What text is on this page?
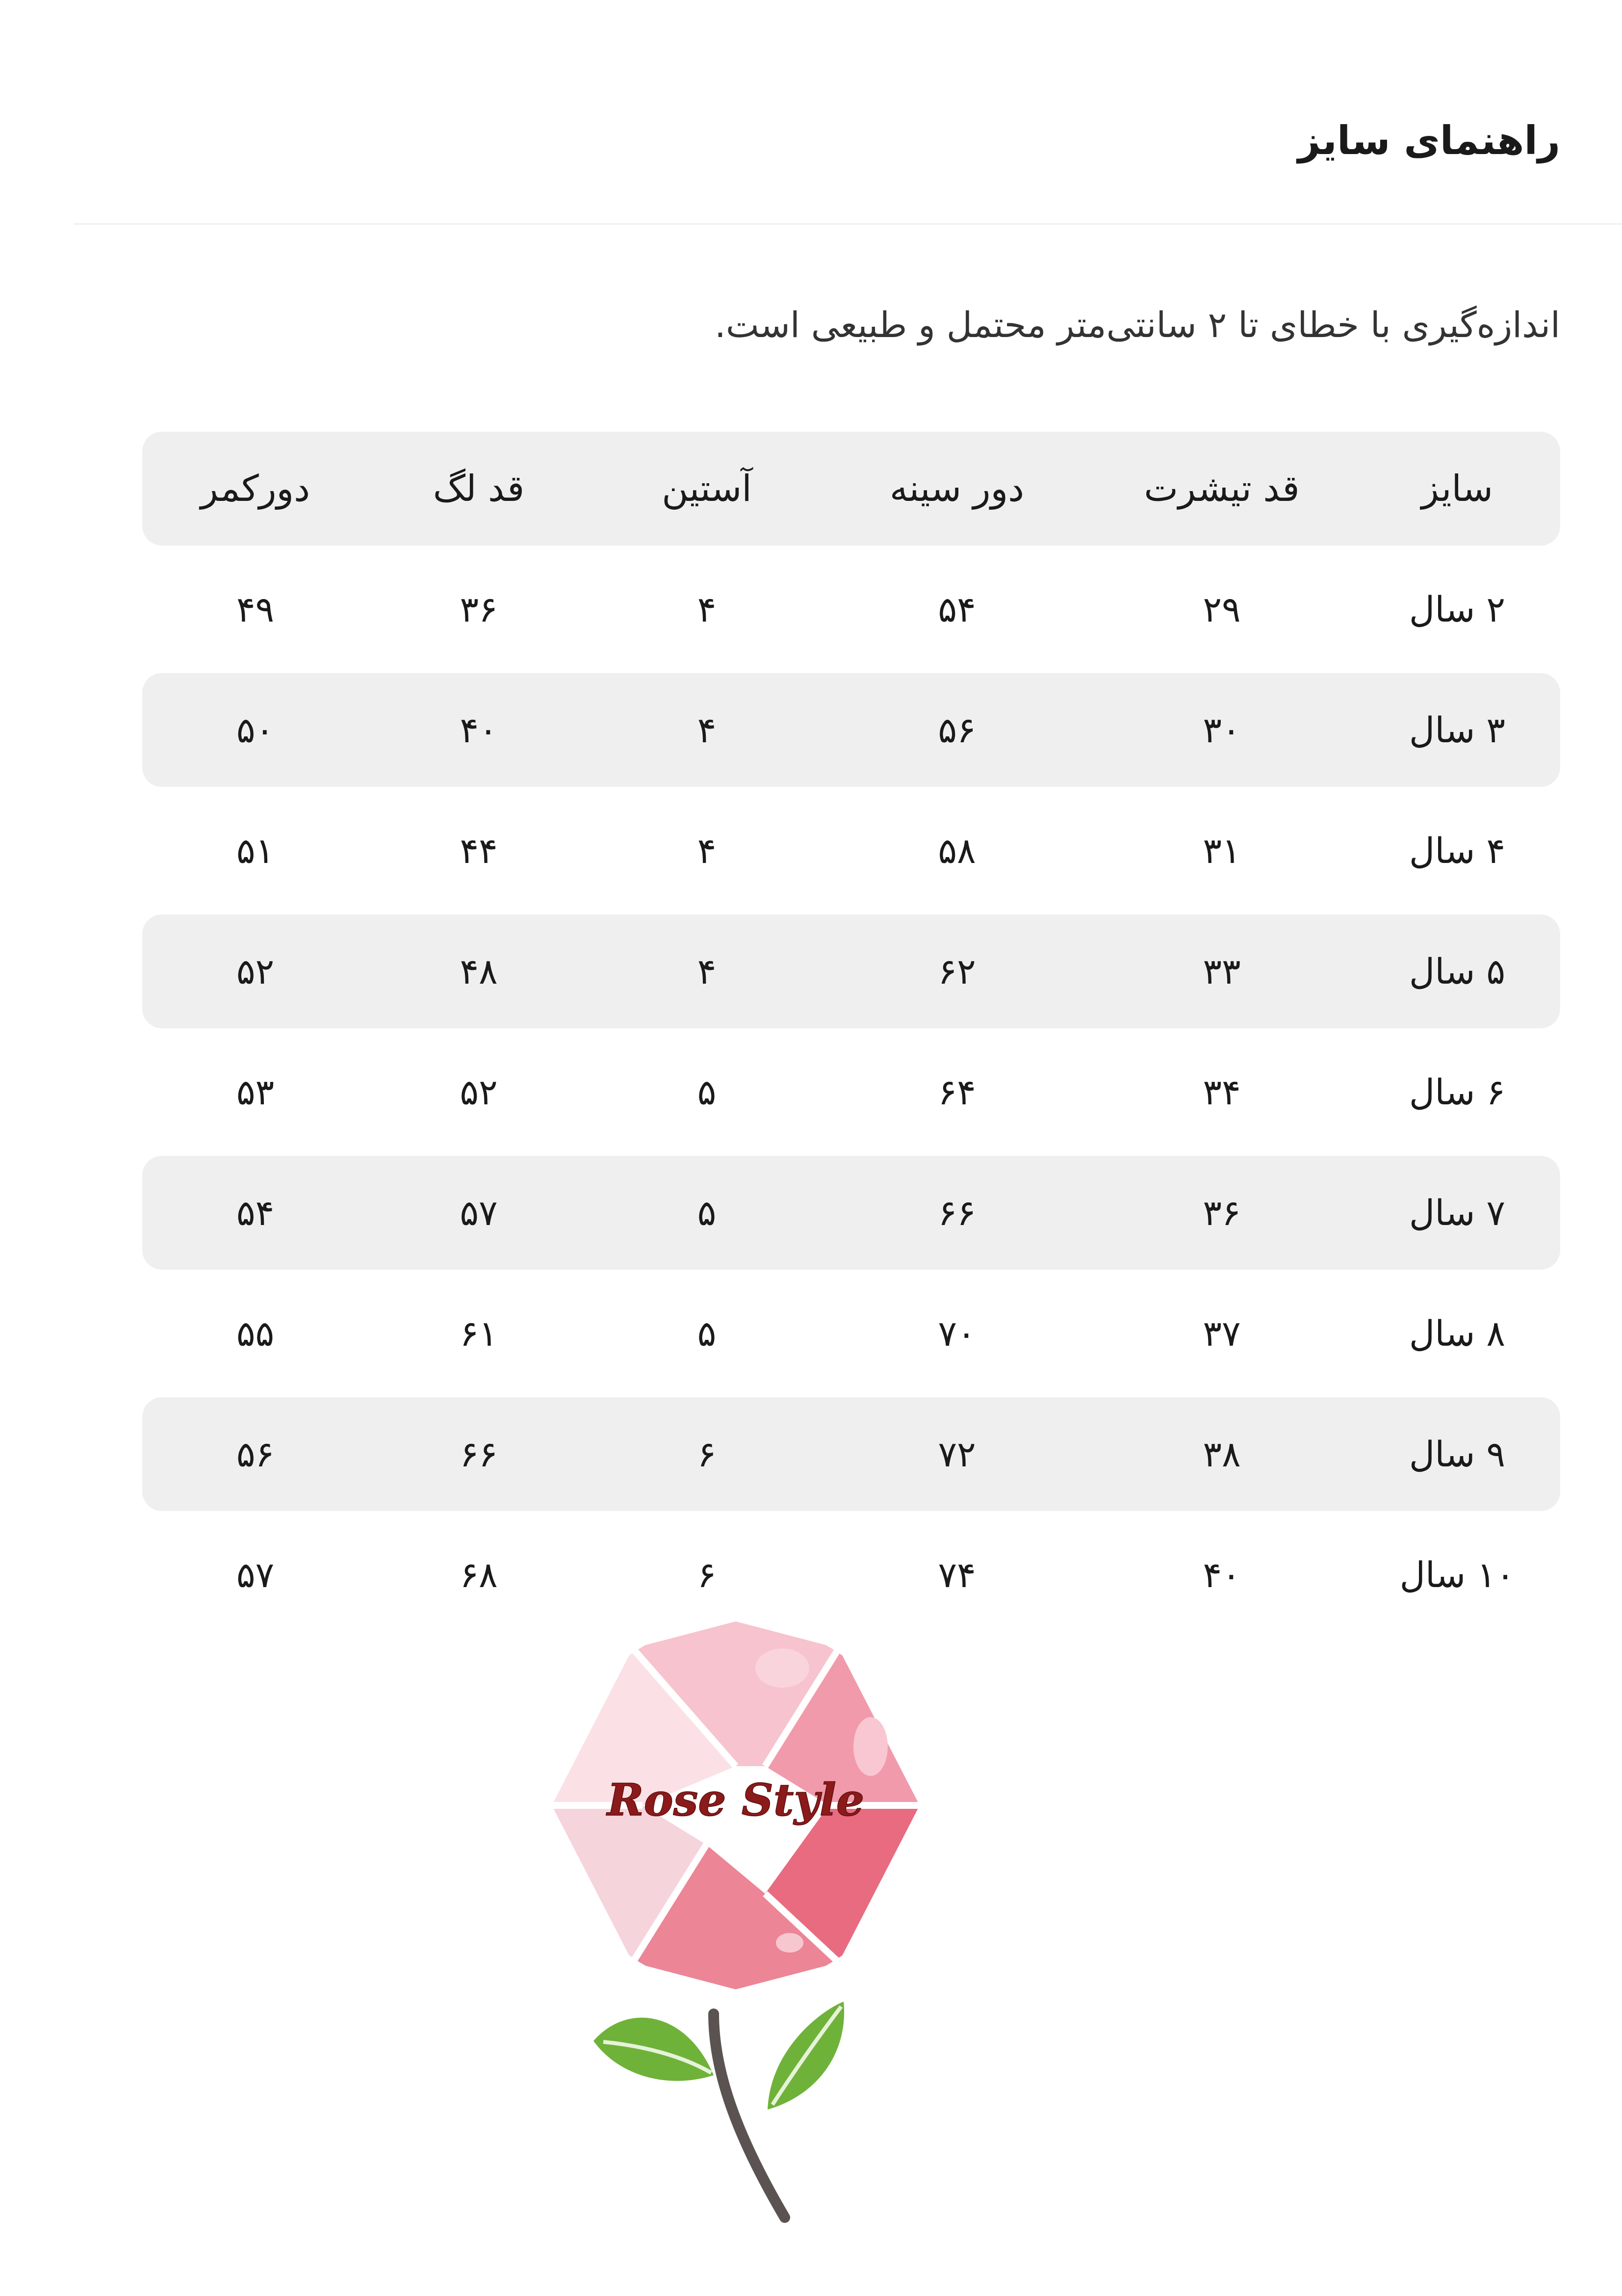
راهنمای سایز
اندازه‌گیری با خطای تا ۲ سانتی‌متر محتمل و طبیعی است.
سایز
قد تیشرت
دور سینه
آستین
قد لگ
دورکمر
۲ سال
۲۹
۵۴
۴
۳۶
۴۹
۳ سال
۳۰
۵۶
۴
۴۰
۵۰
۴ سال
۳۱
۵۸
۴
۴۴
۵۱
۵ سال
۳۳
۶۲
۴
۴۸
۵۲
۶ سال
۳۴
۶۴
۵
۵۲
۵۳
۷ سال
۳۶
۶۶
۵
۵۷
۵۴
۸ سال
۳۷
۷۰
۵
۶۱
۵۵
۹ سال
۳۸
۷۲
۶
۶۶
۵۶
۱۰ سال
۴۰
۷۴
۶
۶۸
۵۷
Rose Style
